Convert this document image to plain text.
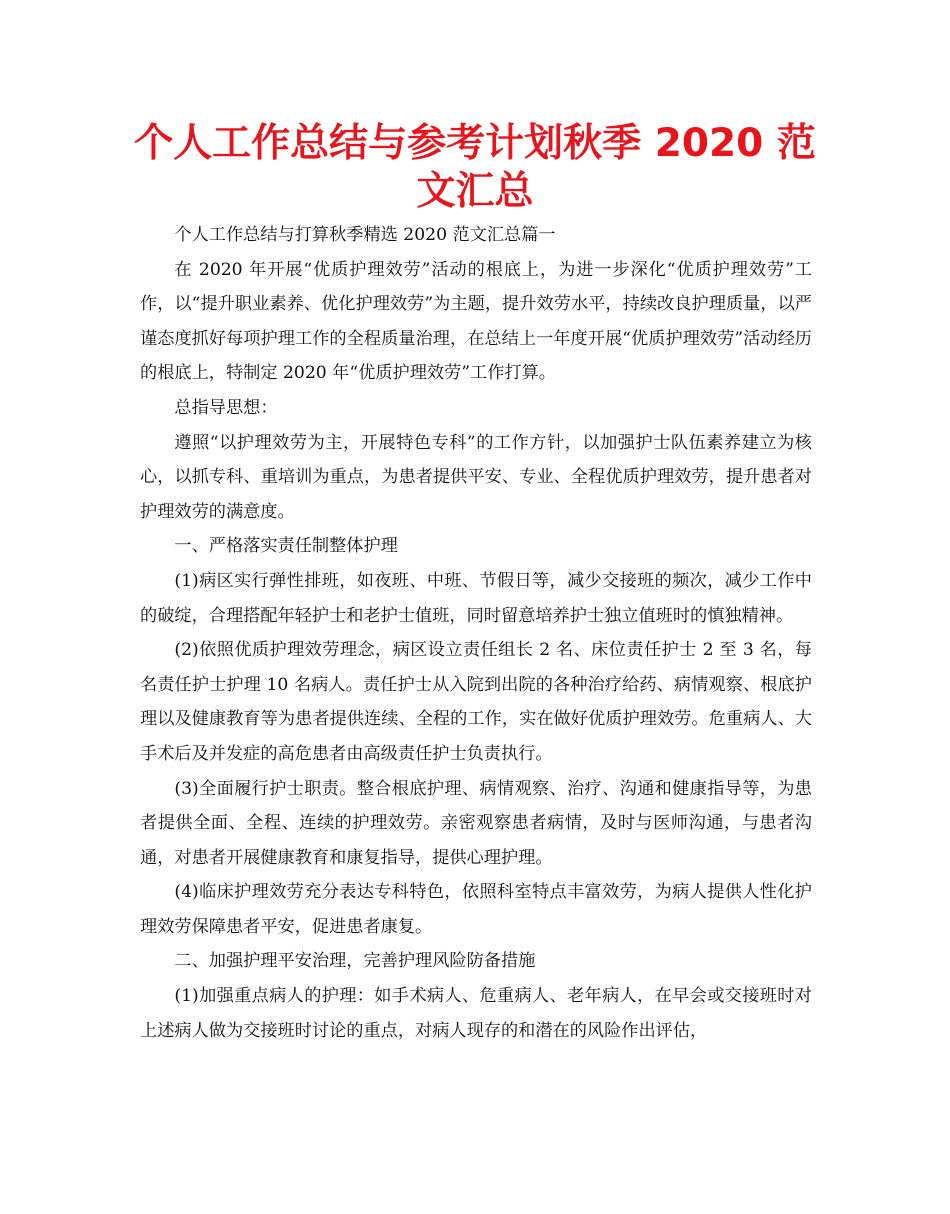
个人工作总结与参考计划秋季 2020 范文汇总

个人工作总结与打算秋季精选 2020 范文汇总篇一

在 2020 年开展“优质护理效劳”活动的根底上，为进一步深化“优质护理效劳”工作，以“提升职业素养、优化护理效劳”为主题，提升效劳水平，持续改良护理质量，以严谨态度抓好每项护理工作的全程质量治理，在总结上一年度开展“优质护理效劳”活动经历的根底上，特制定 2020 年“优质护理效劳”工作打算。

总指导思想：

遵照“以护理效劳为主，开展特色专科”的工作方针，以加强护士队伍素养建立为核心，以抓专科、重培训为重点，为患者提供平安、专业、全程优质护理效劳，提升患者对护理效劳的满意度。

一、严格落实责任制整体护理

(1)病区实行弹性排班，如夜班、中班、节假日等，减少交接班的频次，减少工作中的破绽，合理搭配年轻护士和老护士值班，同时留意培养护士独立值班时的慎独精神。

(2)依照优质护理效劳理念，病区设立责任组长 2 名、床位责任护士 2 至 3 名，每名责任护士护理 10 名病人。责任护士从入院到出院的各种治疗给药、病情观察、根底护理以及健康教育等为患者提供连续、全程的工作，实在做好优质护理效劳。危重病人、大手术后及并发症的高危患者由高级责任护士负责执行。

(3)全面履行护士职责。整合根底护理、病情观察、治疗、沟通和健康指导等，为患者提供全面、全程、连续的护理效劳。亲密观察患者病情，及时与医师沟通，与患者沟通，对患者开展健康教育和康复指导，提供心理护理。

(4)临床护理效劳充分表达专科特色，依照科室特点丰富效劳，为病人提供人性化护理效劳保障患者平安，促进患者康复。

二、加强护理平安治理，完善护理风险防备措施

(1)加强重点病人的护理：如手术病人、危重病人、老年病人，在早会或交接班时对上述病人做为交接班时讨论的重点，对病人现存的和潜在的风险作出评估，
